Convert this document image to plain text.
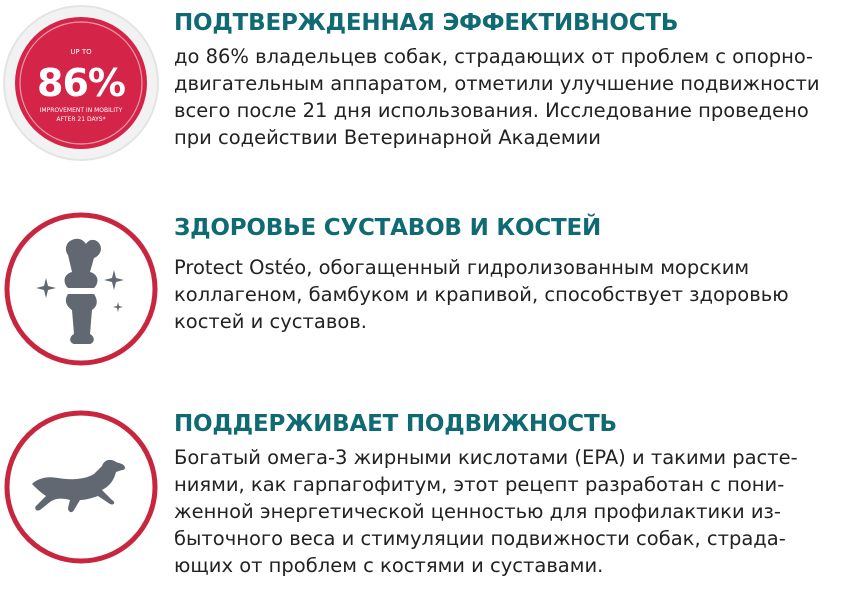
UP TO
86%
IMPROVEMENT IN MOBILITY
AFTER 21 DAYS*
ПОДТВЕРЖДЕННАЯ ЭФФЕКТИВНОСТЬ

до 86% владельцев собак, страдающих от проблем с опорно-
двигательным аппаратом, отметили улучшение подвижности
всего после 21 дня использования. Исследование проведено
при содействии Ветеринарной Академии

ЗДОРОВЬЕ СУСТАВОВ И КОСТЕЙ

Protect Ostéo, обогащенный гидролизованным морским
коллагеном, бамбуком и крапивой, способствует здоровью
костей и суставов.

ПОДДЕРЖИВАЕТ ПОДВИЖНОСТЬ

Богатый омега-3 жирными кислотами (EPA) и такими расте-
ниями, как гарпагофитум, этот рецепт разработан с пони-
женной энергетической ценностью для профилактики из-
быточного веса и стимуляции подвижности собак, страда-
ющих от проблем с костями и суставами.
